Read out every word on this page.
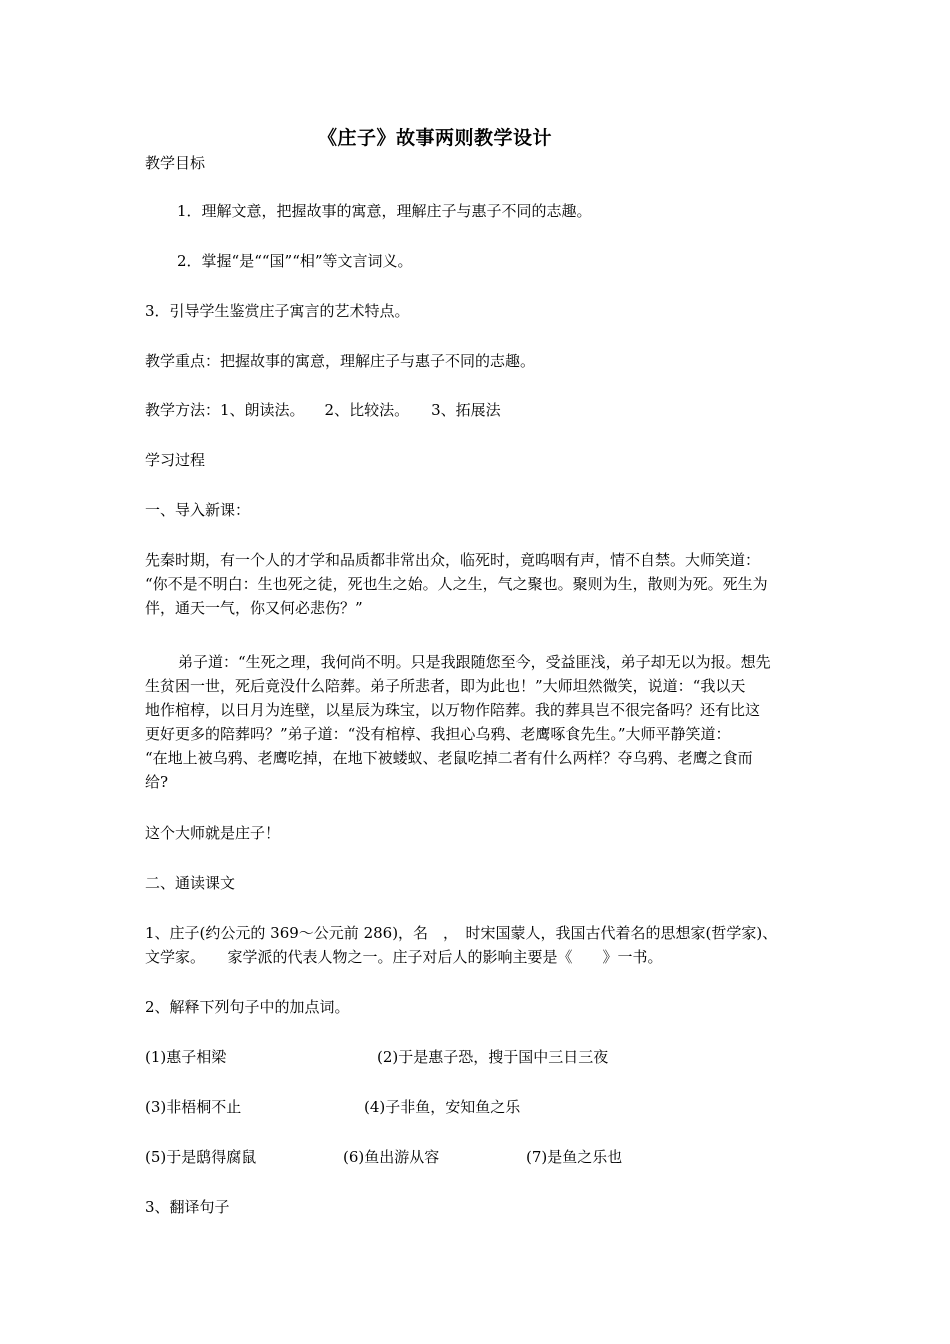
《庄子》故事两则教学设计
教学目标
1．理解文意，把握故事的寓意，理解庄子与惠子不同的志趣。
2．掌握“是““国”“相”等文言词义。
3．引导学生鉴赏庄子寓言的艺术特点。
教学重点：把握故事的寓意，理解庄子与惠子不同的志趣。
教学方法：1、朗读法。 2、比较法。 3、拓展法
学习过程
一、导入新课：
先秦时期，有一个人的才学和品质都非常出众，临死时，竟呜咽有声，情不自禁。大师笑道：
“你不是不明白：生也死之徒，死也生之始。人之生，气之聚也。聚则为生，散则为死。死生为
伴，通天一气，你又何必悲伤？”
弟子道：“生死之理，我何尚不明。只是我跟随您至今，受益匪浅，弟子却无以为报。想先
生贫困一世，死后竟没什么陪葬。弟子所悲者，即为此也！”大师坦然微笑，说道：“我以天
地作棺椁，以日月为连壁，以星辰为珠宝，以万物作陪葬。我的葬具岂不很完备吗？还有比这
更好更多的陪葬吗？”弟子道：“没有棺椁、我担心乌鸦、老鹰啄食先生。”大师平静笑道：
“在地上被乌鸦、老鹰吃掉，在地下被蝼蚁、老鼠吃掉二者有什么两样？夺乌鸦、老鹰之食而
给?
这个大师就是庄子！
二、通读课文
1、庄子(约公元的 369～公元前 286)，名　，　时宋国蒙人，我国古代着名的思想家(哲学家)、
文学家。　　家学派的代表人物之一。庄子对后人的影响主要是《　　》一书。
2、解释下列句子中的加点词。
(1)惠子相梁	(2)于是惠子恐，搜于国中三日三夜
(3)非梧桐不止	(4)子非鱼，安知鱼之乐
(5)于是鸱得腐鼠	(6)鱼出游从容	(7)是鱼之乐也
3、翻译句子
